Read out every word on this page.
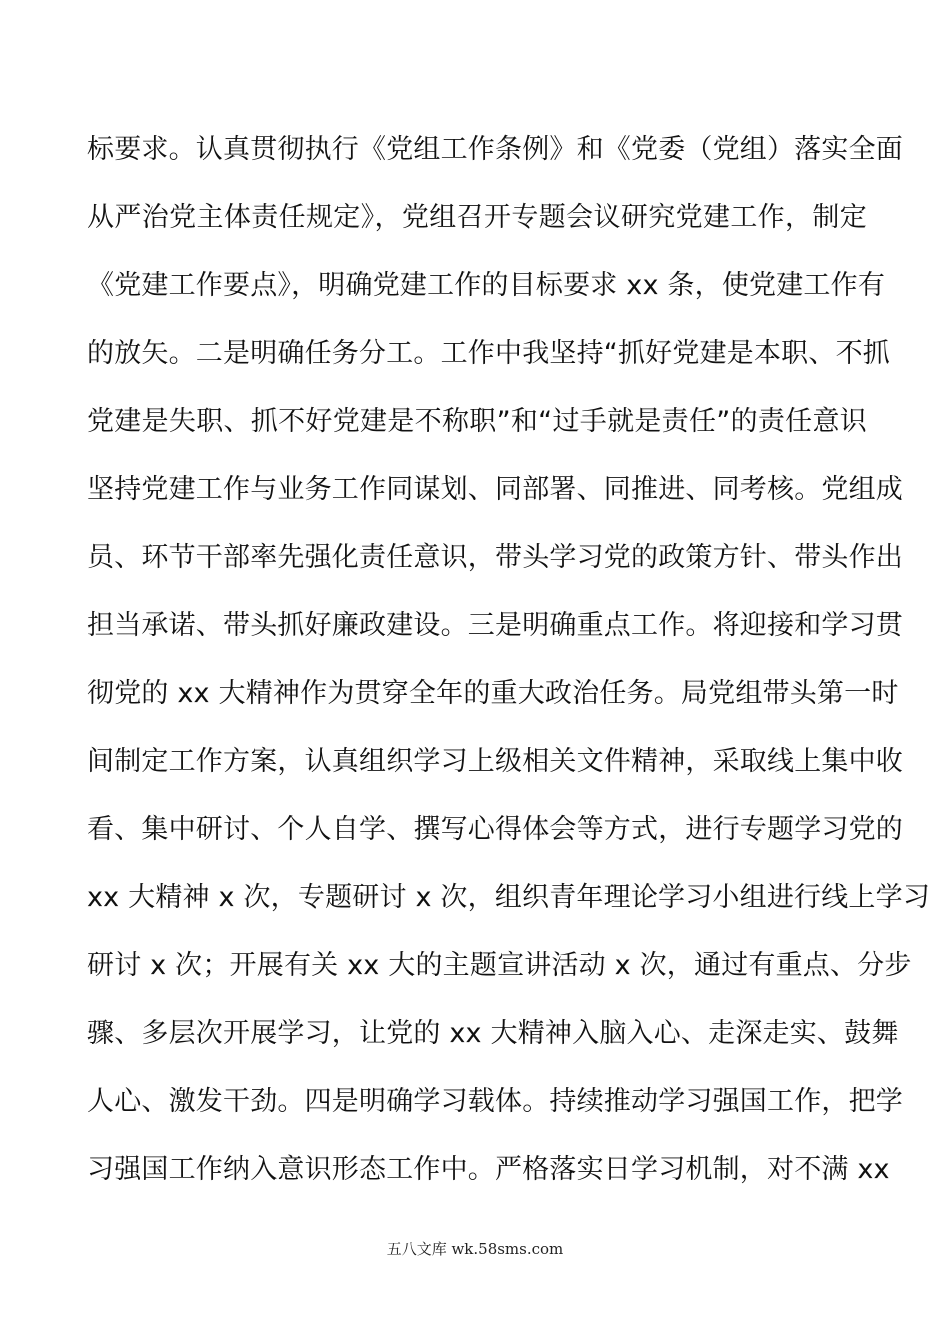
标要求。认真贯彻执行《党组工作条例》和《党委（党组）落实全面
从严治党主体责任规定》，党组召开专题会议研究党建工作，制定
《党建工作要点》，明确党建工作的目标要求 xx 条，使党建工作有
的放矢。二是明确任务分工。工作中我坚持“抓好党建是本职、不抓
党建是失职、抓不好党建是不称职”和“过手就是责任”的责任意识
坚持党建工作与业务工作同谋划、同部署、同推进、同考核。党组成
员、环节干部率先强化责任意识，带头学习党的政策方针、带头作出
担当承诺、带头抓好廉政建设。三是明确重点工作。将迎接和学习贯
彻党的 xx 大精神作为贯穿全年的重大政治任务。局党组带头第一时
间制定工作方案，认真组织学习上级相关文件精神，采取线上集中收
看、集中研讨、个人自学、撰写心得体会等方式，进行专题学习党的
xx 大精神 x 次，专题研讨 x 次，组织青年理论学习小组进行线上学习
研讨 x 次；开展有关 xx 大的主题宣讲活动 x 次，通过有重点、分步
骤、多层次开展学习，让党的 xx 大精神入脑入心、走深走实、鼓舞
人心、激发干劲。四是明确学习载体。持续推动学习强国工作，把学
习强国工作纳入意识形态工作中。严格落实日学习机制，对不满 xx
五八文库 wk.58sms.com
